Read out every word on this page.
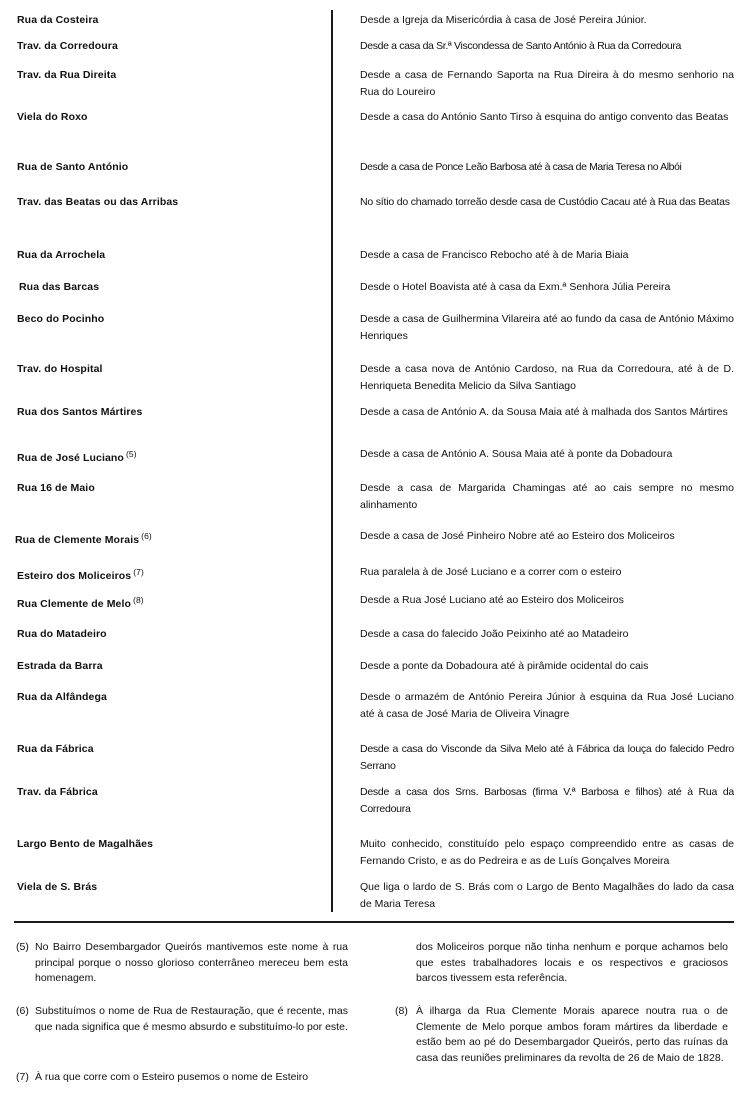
Rua da Costeira	Desde a Igreja da Misericórdia à casa de José Pereira Júnior.
Trav. da Corredoura	Desde a casa da Sr.ª Viscondessa de Santo António à Rua da Corredoura
Trav. da Rua Direita	Desde a casa de Fernando Saporta na Rua Direira à do mesmo senhorio na Rua do Loureiro
Viela do Roxo	Desde a casa do António Santo Tirso à esquina do antigo convento das Beatas
Rua de Santo António	Desde a casa de Ponce Leão Barbosa até à casa de Maria Teresa no Albói
Trav. das Beatas ou das Arribas	No sítio do chamado torreão desde casa de Custódio Cacau até à Rua das Beatas
Rua da Arrochela	Desde a casa de Francisco Rebocho até à de Maria Biaia
Rua das Barcas	Desde o Hotel Boavista até à casa da Exm.ª Senhora Júlia Pereira
Beco do Pocinho	Desde a casa de Guilhermina Vilareira até ao fundo da casa de António Máximo Henriques
Trav. do Hospital	Desde a casa nova de António Cardoso, na Rua da Corredoura, até à de D. Henriqueta Benedita Melicio da Silva Santiago
Rua dos Santos Mártires	Desde a casa de António A. da Sousa Maia até à malhada dos Santos Mártires
Rua de José Luciano $^{(5)}$	Desde a casa de António A. Sousa Maia até à ponte da Dobadoura
Rua 16 de Maio	Desde a casa de Margarida Chamingas até ao cais sempre no mesmo alinhamento
Rua de Clemente Morais $^{(6)}$	Desde a casa de José Pinheiro Nobre até ao Esteiro dos Moliceiros
Esteiro dos Moliceiros $^{(7)}$	Rua paralela à de José Luciano e a correr com o esteiro
Rua Clemente de Melo $^{(8)}$	Desde a Rua José Luciano até ao Esteiro dos Moliceiros
Rua do Matadeiro	Desde a casa do falecido João Peixinho até ao Matadeiro
Estrada da Barra	Desde a ponte da Dobadoura até à pirâmide ocidental do cais
Rua da Alfândega	Desde o armazém de António Pereira Júnior à esquina da Rua José Luciano até à casa de José Maria de Oliveira Vinagre
Rua da Fábrica	Desde a casa do Visconde da Silva Melo até à Fábrica da louça do falecido Pedro Serrano
Trav. da Fábrica	Desde a casa dos Srns. Barbosas (firma V.ª Barbosa e filhos) até à Rua da Corredoura
Largo Bento de Magalhães	Muito conhecido, constituído pelo espaço compreendido entre as casas de Fernando Cristo, e as do Pedreira e as de Luís Gonçalves Moreira
Viela de S. Brás	Que liga o lardo de S. Brás com o Largo de Bento Magalhães do lado da casa de Maria Teresa
(5) No Bairro Desembargador Queirós mantivemos este nome à rua principal porque o nosso glorioso conterrâneo mereceu bem esta homenagem.
(6) Substituímos o nome de Rua de Restauração, que é recente, mas que nada significa que é mesmo absurdo e substituímo-lo por este.
(7) À rua que corre com o Esteiro pusemos o nome de Esteiro
dos Moliceiros porque não tinha nenhum e porque achamos belo que estes trabalhadores locais e os respectivos e graciosos barcos tivessem esta referência.
(8) À ilharga da Rua Clemente Morais aparece noutra rua o de Clemente de Melo porque ambos foram mártires da liberdade e estão bem ao pé do Desembargador Queirós, perto das ruínas da casa das reuniões preliminares da revolta de 26 de Maio de 1828.
